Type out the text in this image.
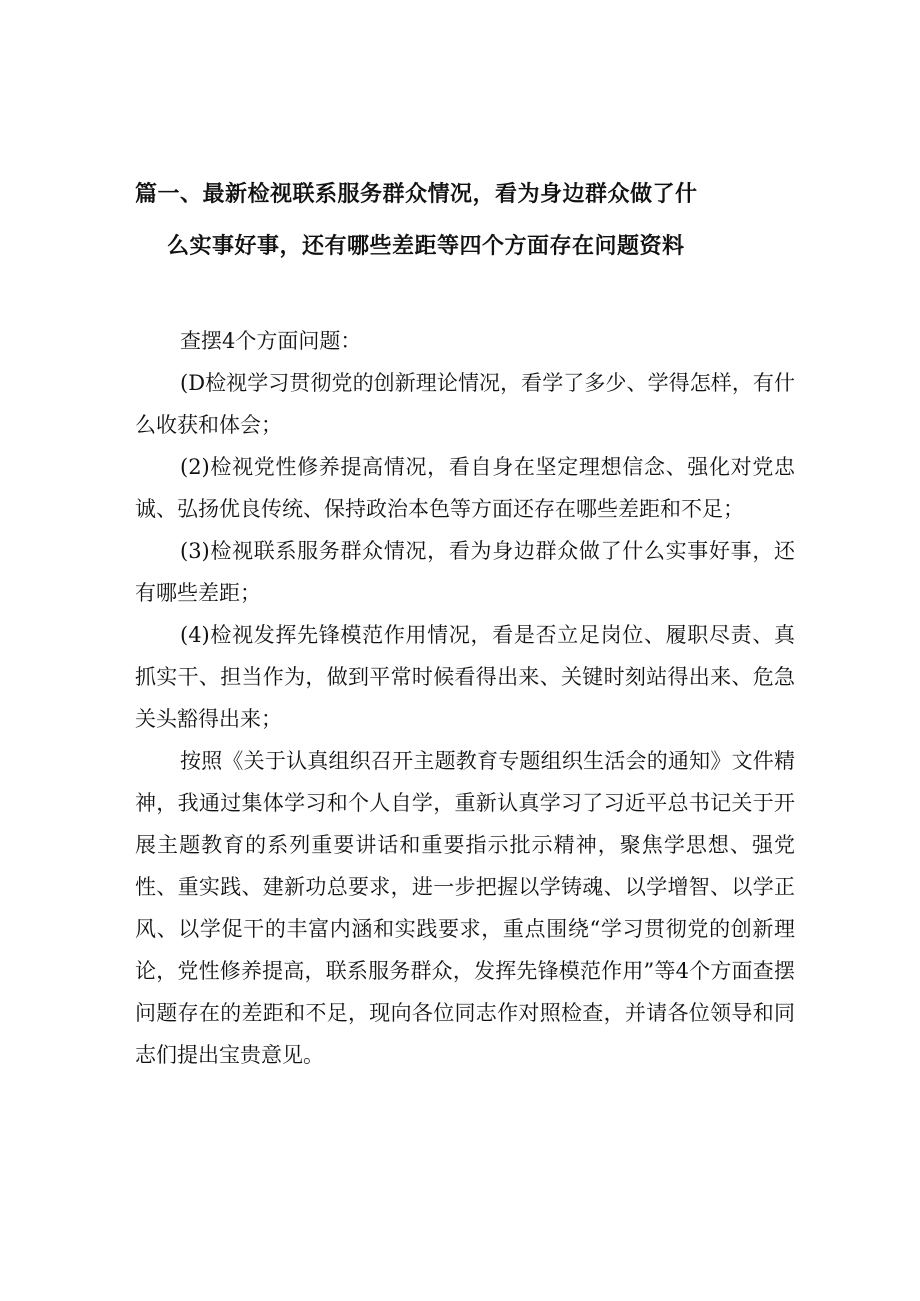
篇一、最新检视联系服务群众情况，看为身边群众做了什
么实事好事，还有哪些差距等四个方面存在问题资料

查摆4个方面问题：

(D检视学习贯彻党的创新理论情况，看学了多少、学得怎样，有什么收获和体会；

(2)检视党性修养提高情况，看自身在坚定理想信念、强化对党忠诚、弘扬优良传统、保持政治本色等方面还存在哪些差距和不足；

(3)检视联系服务群众情况，看为身边群众做了什么实事好事，还有哪些差距；

(4)检视发挥先锋模范作用情况，看是否立足岗位、履职尽责、真抓实干、担当作为，做到平常时候看得出来、关键时刻站得出来、危急关头豁得出来；

按照《关于认真组织召开主题教育专题组织生活会的通知》文件精神，我通过集体学习和个人自学，重新认真学习了习近平总书记关于开展主题教育的系列重要讲话和重要指示批示精神，聚焦学思想、强党性、重实践、建新功总要求，进一步把握以学铸魂、以学增智、以学正风、以学促干的丰富内涵和实践要求，重点围绕“学习贯彻党的创新理论，党性修养提高，联系服务群众，发挥先锋模范作用”等4个方面查摆问题存在的差距和不足，现向各位同志作对照检查，并请各位领导和同志们提出宝贵意见。
